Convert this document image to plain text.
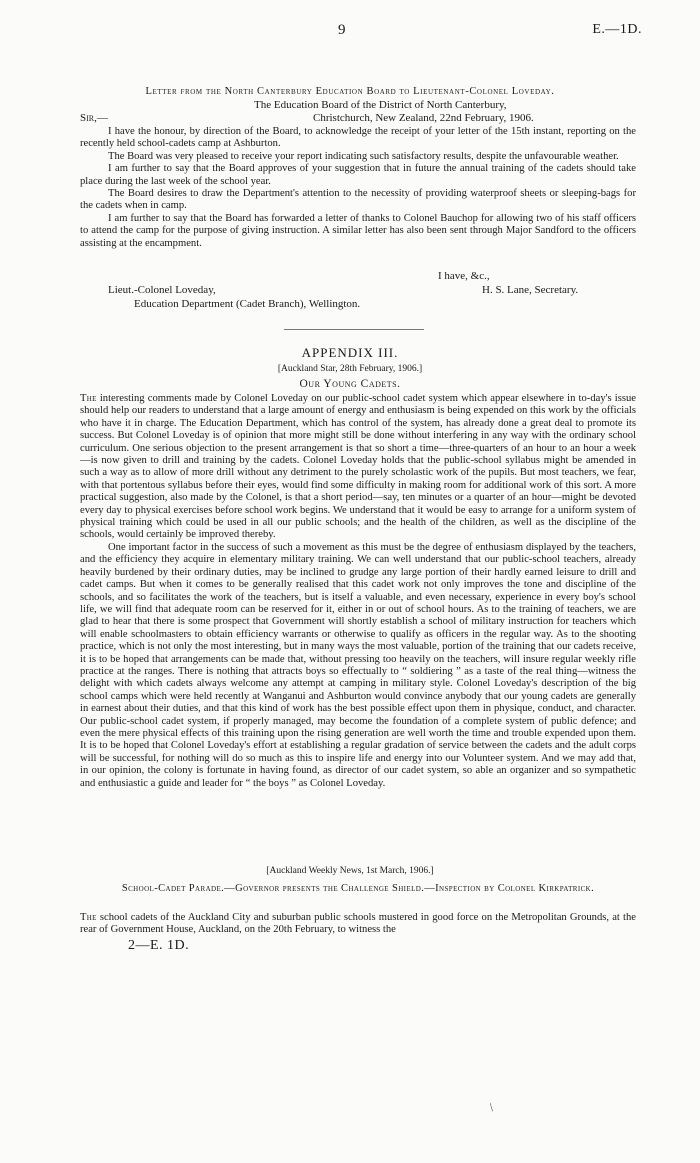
9	E.—1D.
Letter from the North Canterbury Education Board to Lieutenant-Colonel Loveday.
The Education Board of the District of North Canterbury,
Sir,—	Christchurch, New Zealand, 22nd February, 1906.

I have the honour, by direction of the Board, to acknowledge the receipt of your letter of the 15th instant, reporting on the recently held school-cadets camp at Ashburton.

The Board was very pleased to receive your report indicating such satisfactory results, despite the unfavourable weather.

I am further to say that the Board approves of your suggestion that in future the annual training of the cadets should take place during the last week of the school year.

The Board desires to draw the Department's attention to the necessity of providing waterproof sheets or sleeping-bags for the cadets when in camp.

I am further to say that the Board has forwarded a letter of thanks to Colonel Bauchop for allowing two of his staff officers to attend the camp for the purpose of giving instruction. A similar letter has also been sent through Major Sandford to the officers assisting at the encampment.

I have, &c.,
Lieut.-Colonel Loveday,	H. S. Lane, Secretary.
Education Department (Cadet Branch), Wellington.
APPENDIX III.
[Auckland Star, 28th February, 1906.]
Our Young Cadets.

The interesting comments made by Colonel Loveday on our public-school cadet system which appear elsewhere in to-day's issue should help our readers to understand that a large amount of energy and enthusiasm is being expended on this work by the officials who have it in charge. The Education Department, which has control of the system, has already done a great deal to promote its success. But Colonel Loveday is of opinion that more might still be done without interfering in any way with the ordinary school curriculum. One serious objection to the present arrangement is that so short a time—three-quarters of an hour to an hour a week—is now given to drill and training by the cadets. Colonel Loveday holds that the public-school syllabus might be amended in such a way as to allow of more drill without any detriment to the purely scholastic work of the pupils. But most teachers, we fear, with that portentous syllabus before their eyes, would find some difficulty in making room for additional work of this sort. A more practical suggestion, also made by the Colonel, is that a short period—say, ten minutes or a quarter of an hour—might be devoted every day to physical exercises before school work begins. We understand that it would be easy to arrange for a uniform system of physical training which could be used in all our public schools; and the health of the children, as well as the discipline of the schools, would certainly be improved thereby.

One important factor in the success of such a movement as this must be the degree of enthusiasm displayed by the teachers, and the efficiency they acquire in elementary military training. We can well understand that our public-school teachers, already heavily burdened by their ordinary duties, may be inclined to grudge any large portion of their hardly earned leisure to drill and cadet camps. But when it comes to be generally realised that this cadet work not only improves the tone and discipline of the schools, and so facilitates the work of the teachers, but is itself a valuable, and even necessary, experience in every boy's school life, we will find that adequate room can be reserved for it, either in or out of school hours. As to the training of teachers, we are glad to hear that there is some prospect that Government will shortly establish a school of military instruction for teachers which will enable schoolmasters to obtain efficiency warrants or otherwise to qualify as officers in the regular way. As to the shooting practice, which is not only the most interesting, but in many ways the most valuable, portion of the training that our cadets receive, it is to be hoped that arrangements can be made that, without pressing too heavily on the teachers, will insure regular weekly rifle practice at the ranges. There is nothing that attracts boys so effectually to “ soldiering ” as a taste of the real thing—witness the delight with which cadets always welcome any attempt at camping in military style. Colonel Loveday's description of the big school camps which were held recently at Wanganui and Ashburton would convince anybody that our young cadets are generally in earnest about their duties, and that this kind of work has the best possible effect upon them in physique, conduct, and character. Our public-school cadet system, if properly managed, may become the foundation of a complete system of public defence; and even the mere physical effects of this training upon the rising generation are well worth the time and trouble expended upon them. It is to be hoped that Colonel Loveday's effort at establishing a regular gradation of service between the cadets and the adult corps will be successful, for nothing will do so much as this to inspire life and energy into our Volunteer system. And we may add that, in our opinion, the colony is fortunate in having found, as director of our cadet system, so able an organizer and so sympathetic and enthusiastic a guide and leader for “ the boys ” as Colonel Loveday.

[Auckland Weekly News, 1st March, 1906.]
School-Cadet Parade.—Governor presents the Challenge Shield.—Inspection by Colonel Kirkpatrick.

The school cadets of the Auckland City and suburban public schools mustered in good force on the Metropolitan Grounds, at the rear of Government House, Auckland, on the 20th February, to witness the

2—E. 1D.
/
